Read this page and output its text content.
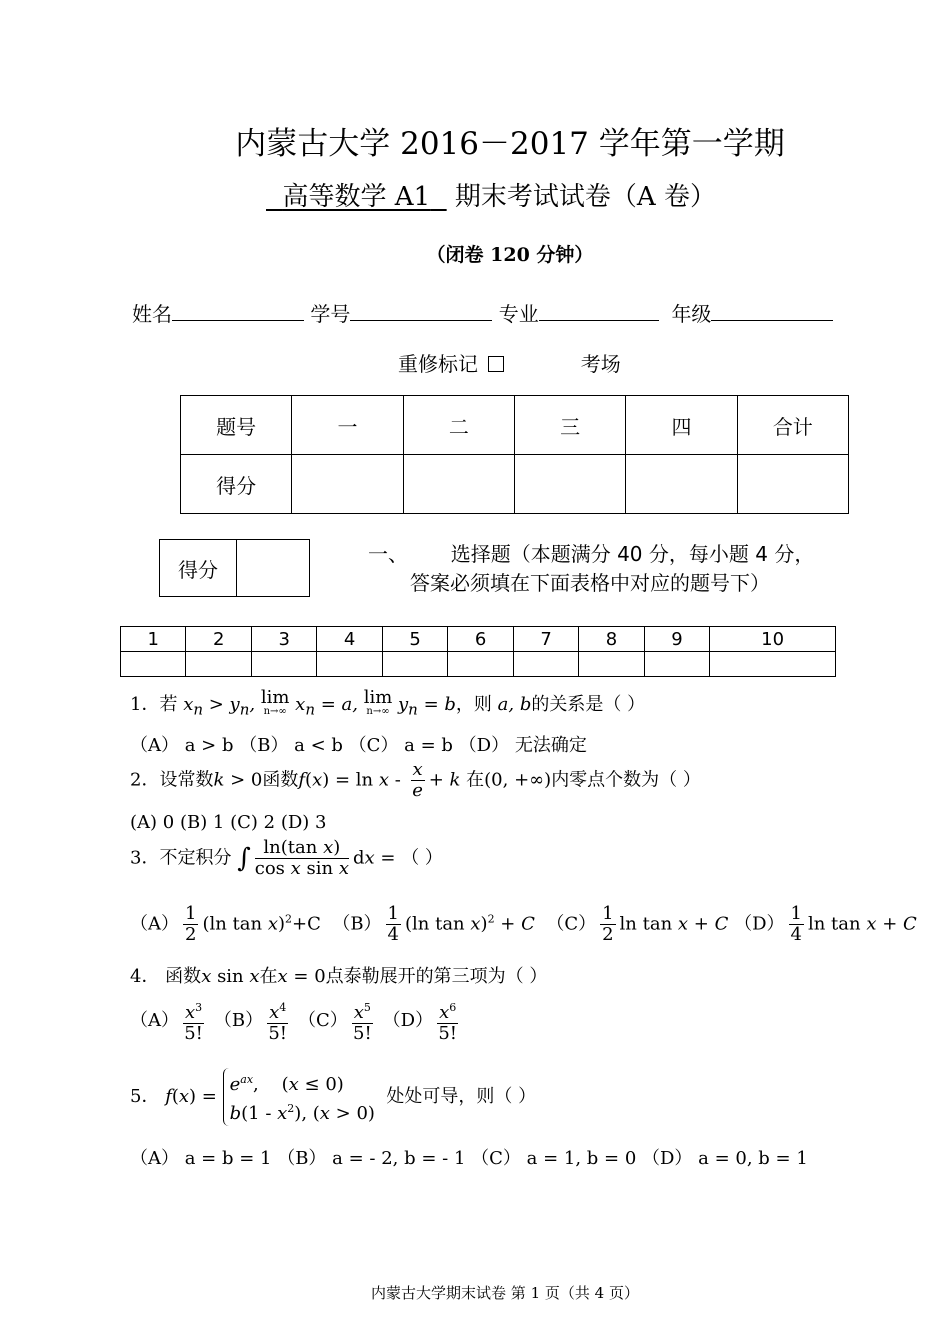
内蒙古大学 2016－2017 学年第一学期
高等数学 A1 期末考试试卷（A 卷）
（闭卷 120 分钟）
姓名	学号	专业	年级
重修标记	考场
题号	一	二	三	四	合计
得分					
得分	
一、 选择题（本题满分 40 分，每小题 4 分，
答案必须填在下面表格中对应的题号下）
1	2	3	4	5	6	7	8	9	10

1．若 $x_n > y_n$, lim
n→∞ $x_n = a$, lim
n→∞ $y_n = b$，则 a, b的关系是（ ）
（A） a > b （B） a < b （C） a = b （D） 无法确定
2．设常数k > 0函数$f(x) = \ln x - \frac{x}{e} + k$ 在(0, +∞)内零点个数为（ ）
(A) 0 (B) 1 (C) 2 (D) 3
3．不定积分 ∫ $\frac{\text{ln(tan x)}}{\text{cos x sin x}}$ dx = （ ）
$(A) \frac{1}{2} (\ln$ tan x)$^2$+C  $(B) \frac{1}{4} (\ln$ tan x)$^2$ + C  $(C) \frac{1}{2}$ ln tan x + C $(D) \frac{1}{4}$ ln tan x + C
4． 函数x sin x在x = 0点泰勒展开的第三项为（ ）
$(A) \frac{x^3}{5!} (B) \frac{x^4}{5!} (C) \frac{x^5}{5!} (D) \frac{x^6}{5!}$
5． $f(x) = e^{ax}$,    (x ≤ 0)
$b(1 - x^2)$, (x > 0)  处处可导，则（ ）
（A） a = b = 1 （B） a = - 2, b = - 1 （C） a = 1, b = 0 （D） a = 0, b = 1
内蒙古大学期末试卷 第 1 页（共 4 页）
